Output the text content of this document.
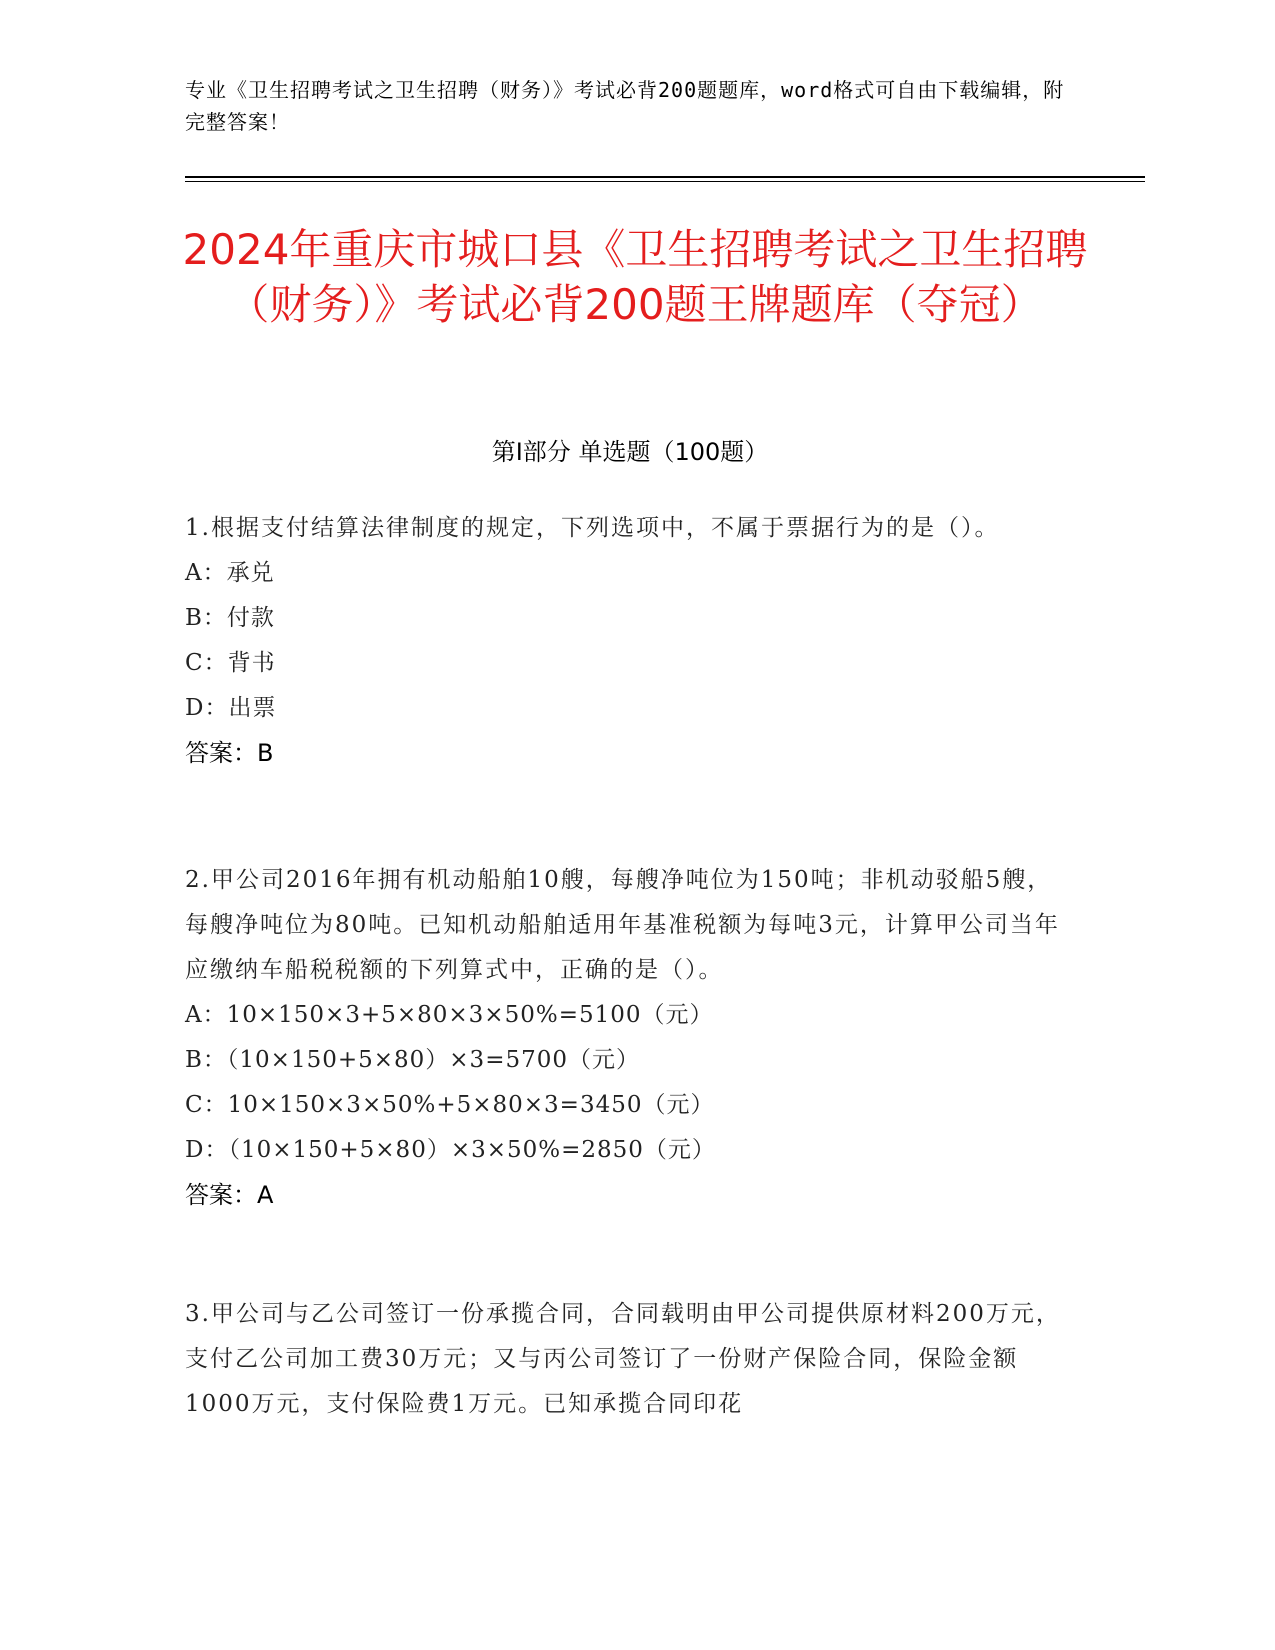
专业《卫生招聘考试之卫生招聘（财务）》考试必背200题题库，word格式可自由下载编辑，附完整答案！
2024年重庆市城口县《卫生招聘考试之卫生招聘（财务）》考试必背200题王牌题库（夺冠）
第Ⅰ部分 单选题（100题）
1.根据支付结算法律制度的规定，下列选项中，不属于票据行为的是（）。
A：承兑
B：付款
C：背书
D：出票
答案：B
2.甲公司2016年拥有机动船舶10艘，每艘净吨位为150吨；非机动驳船5艘，每艘净吨位为80吨。已知机动船舶适用年基准税额为每吨3元，计算甲公司当年应缴纳车船税税额的下列算式中，正确的是（）。
A：10×150×3+5×80×3×50%=5100（元）
B：（10×150+5×80）×3=5700（元）
C：10×150×3×50%+5×80×3=3450（元）
D：（10×150+5×80）×3×50%=2850（元）
答案：A
3.甲公司与乙公司签订一份承揽合同，合同载明由甲公司提供原材料200万元，支付乙公司加工费30万元；又与丙公司签订了一份财产保险合同，保险金额1000万元，支付保险费1万元。已知承揽合同印花
